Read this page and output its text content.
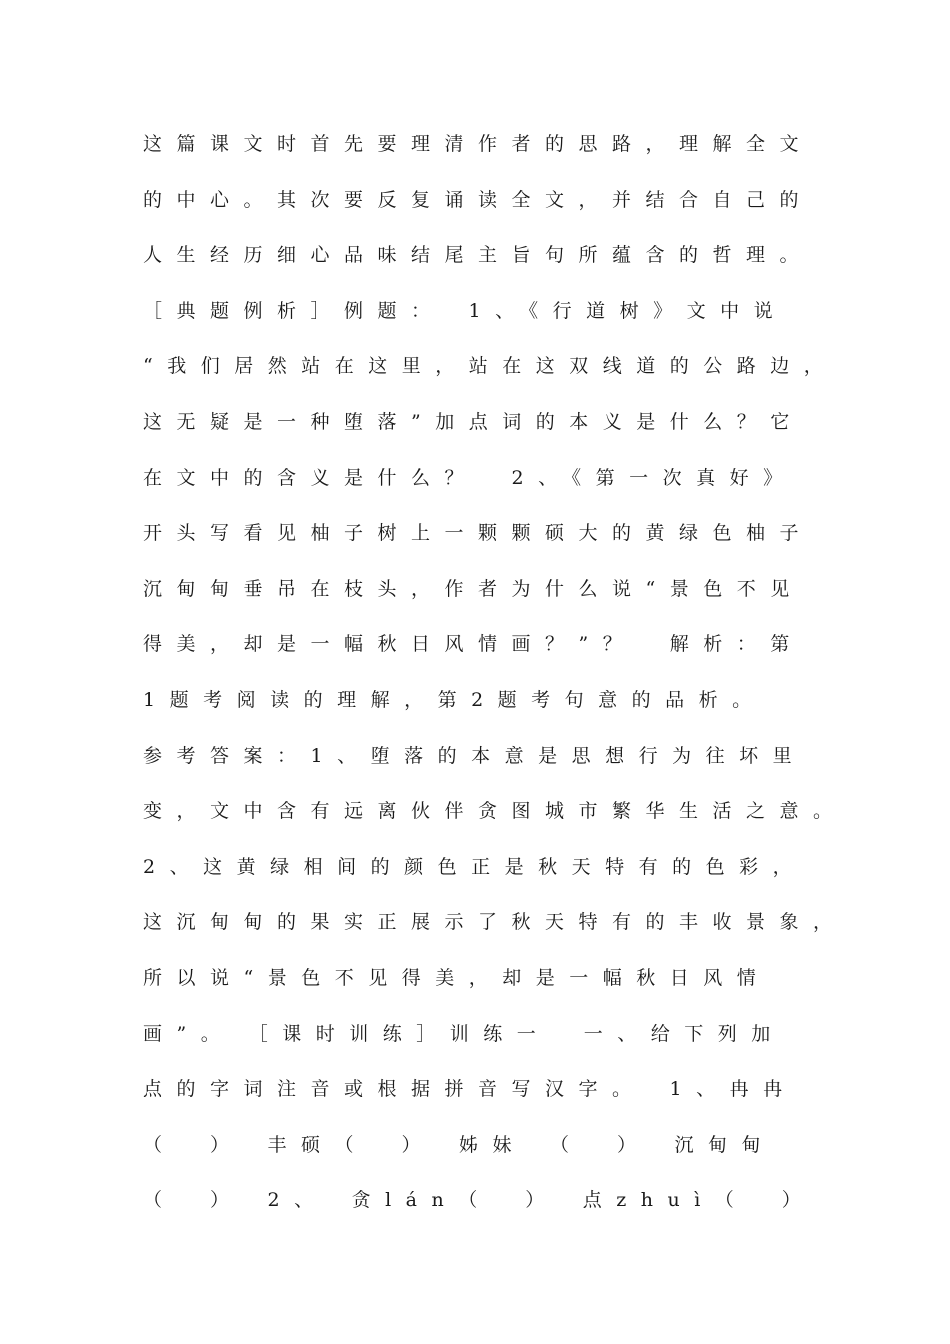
这篇课文时首先要理清作者的思路，理解全文
的中心。其次要反复诵读全文，并结合自己的
人生经历细心品味结尾主旨句所蕴含的哲理。
［典题例析］例题：　1、《行道树》文中说
“我们居然站在这里，站在这双线道的公路边，
这无疑是一种堕落”加点词的本义是什么？它
在文中的含义是什么？　2、《第一次真好》
开头写看见柚子树上一颗颗硕大的黄绿色柚子
沉甸甸垂吊在枝头，作者为什么说“景色不见
得美，却是一幅秋日风情画？”？　解析：第
1题考阅读的理解，第2题考句意的品析。
参考答案：1、堕落的本意是思想行为往坏里
变，文中含有远离伙伴贪图城市繁华生活之意。
2、这黄绿相间的颜色正是秋天特有的色彩，
这沉甸甸的果实正展示了秋天特有的丰收景象，
所以说“景色不见得美，却是一幅秋日风情
画”。　［课时训练］训练一　一、给下列加
点的字词注音或根据拼音写汉字。　1、冉冉
（　）　丰硕（　）　姊妹　（　）　沉甸甸
（　）　2、　贪lán（　）　点zhuì（　）
